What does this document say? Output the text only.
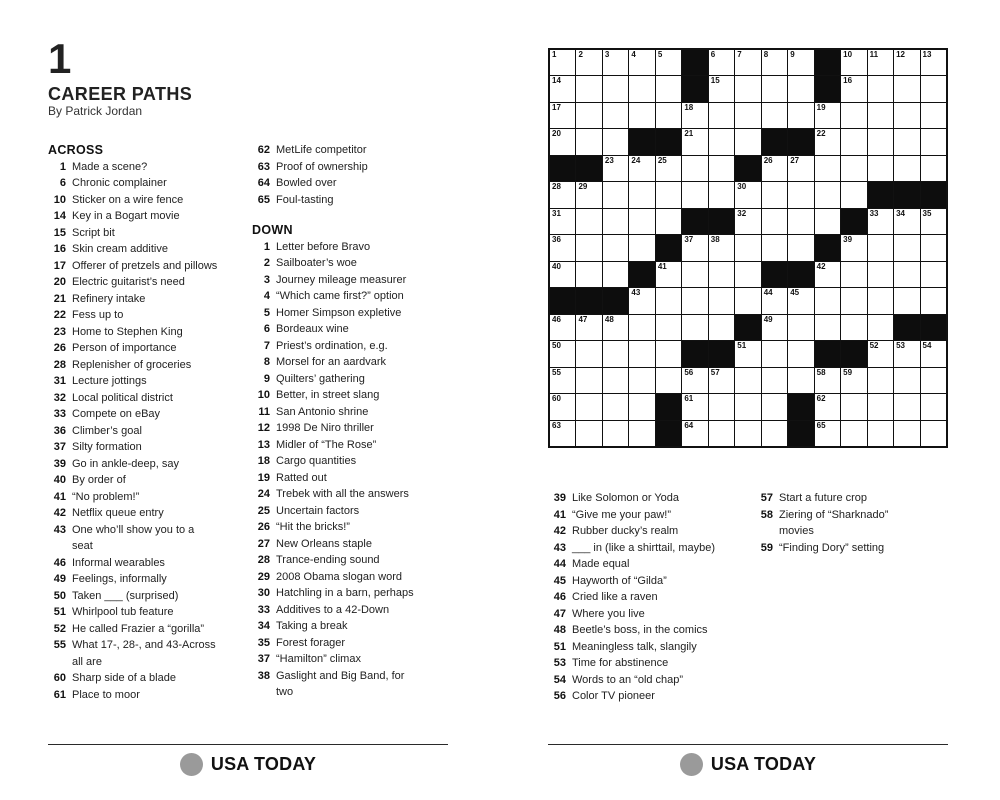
1
CAREER PATHS
By Patrick Jordan
ACROSS
1 Made a scene?
6 Chronic complainer
10 Sticker on a wire fence
14 Key in a Bogart movie
15 Script bit
16 Skin cream additive
17 Offerer of pretzels and pillows
20 Electric guitarist’s need
21 Refinery intake
22 Fess up to
23 Home to Stephen King
26 Person of importance
28 Replenisher of groceries
31 Lecture jottings
32 Local political district
33 Compete on eBay
36 Climber’s goal
37 Silty formation
39 Go in ankle-deep, say
40 By order of
41 “No problem!”
42 Netflix queue entry
43 One who’ll show you to a seat
46 Informal wearables
49 Feelings, informally
50 Taken ___ (surprised)
51 Whirlpool tub feature
52 He called Frazier a “gorilla”
55 What 17-, 28-, and 43-Across all are
60 Sharp side of a blade
61 Place to moor
62 MetLife competitor
63 Proof of ownership
64 Bowled over
65 Foul-tasting
DOWN
1 Letter before Bravo
2 Sailboater’s woe
3 Journey mileage measurer
4 “Which came first?” option
5 Homer Simpson expletive
6 Bordeaux wine
7 Priest’s ordination, e.g.
8 Morsel for an aardvark
9 Quilters’ gathering
10 Better, in street slang
11 San Antonio shrine
12 1998 De Niro thriller
13 Midler of “The Rose”
18 Cargo quantities
19 Ratted out
24 Trebek with all the answers
25 Uncertain factors
26 “Hit the bricks!”
27 New Orleans staple
28 Trance-ending sound
29 2008 Obama slogan word
30 Hatchling in a barn, perhaps
33 Additives to a 42-Down
34 Taking a break
35 Forest forager
37 “Hamilton” climax
38 Gaslight and Big Band, for two
1	2	3	4	5	6	7	8	9	10 11 12 13
14	15	16
17	18	19
20	21	22
23 24 25	26 27
28 29	30
31	32	33 34 35
36	37 38	39
40	41	42
43	44 45
46 47 48	49
50	51	52 53 54
55	56 57	58 59
60	61	62
63	64	65
39 Like Solomon or Yoda
41 “Give me your paw!”
42 Rubber ducky’s realm
43 ___ in (like a shirttail, maybe)
44 Made equal
45 Hayworth of “Gilda”
46 Cried like a raven
47 Where you live
48 Beetle’s boss, in the comics
51 Meaningless talk, slangily
53 Time for abstinence
54 Words to an “old chap”
56 Color TV pioneer
57 Start a future crop
58 Ziering of “Sharknado” movies
59 “Finding Dory” setting
USA TODAY	USA TODAY
